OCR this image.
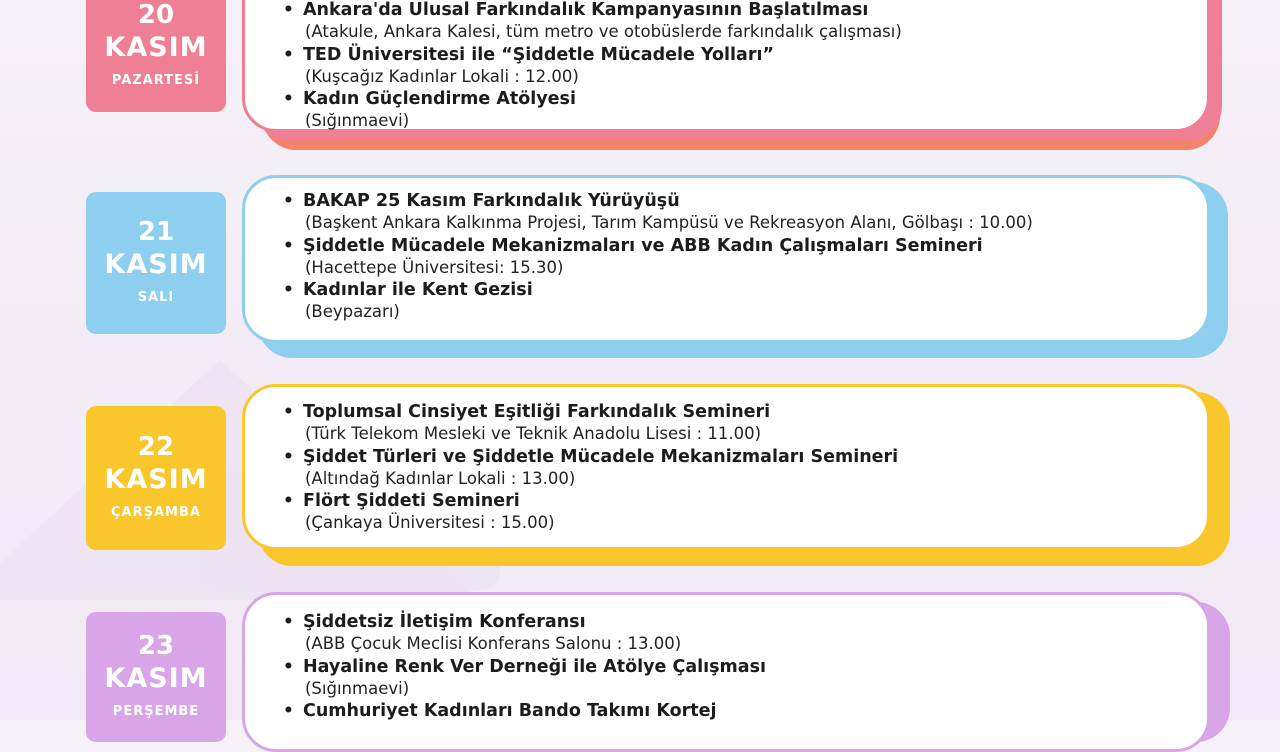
20
KASIM
PAZARTESİ
• Ankara'da Ulusal Farkındalık Kampanyasının Başlatılması
(Atakule, Ankara Kalesi, tüm metro ve otobüslerde farkındalık çalışması)
• TED Üniversitesi ile “Şiddetle Mücadele Yolları”
(Kuşcağız Kadınlar Lokali : 12.00)
• Kadın Güçlendirme Atölyesi
(Sığınmaevi)
21
KASIM
SALI
• BAKAP 25 Kasım Farkındalık Yürüyüşü
(Başkent Ankara Kalkınma Projesi, Tarım Kampüsü ve Rekreasyon Alanı, Gölbaşı : 10.00)
• Şiddetle Mücadele Mekanizmaları ve ABB Kadın Çalışmaları Semineri
(Hacettepe Üniversitesi: 15.30)
• Kadınlar ile Kent Gezisi
(Beypazarı)
22
KASIM
ÇARŞAMBA
• Toplumsal Cinsiyet Eşitliği Farkındalık Semineri
(Türk Telekom Mesleki ve Teknik Anadolu Lisesi : 11.00)
• Şiddet Türleri ve Şiddetle Mücadele Mekanizmaları Semineri
(Altındağ Kadınlar Lokali : 13.00)
• Flört Şiddeti Semineri
(Çankaya Üniversitesi : 15.00)
23
KASIM
PERŞEMBE
• Şiddetsiz İletişim Konferansı
(ABB Çocuk Meclisi Konferans Salonu : 13.00)
• Hayaline Renk Ver Derneği ile Atölye Çalışması
(Sığınmaevi)
• Cumhuriyet Kadınları Bando Takımı Kortej
